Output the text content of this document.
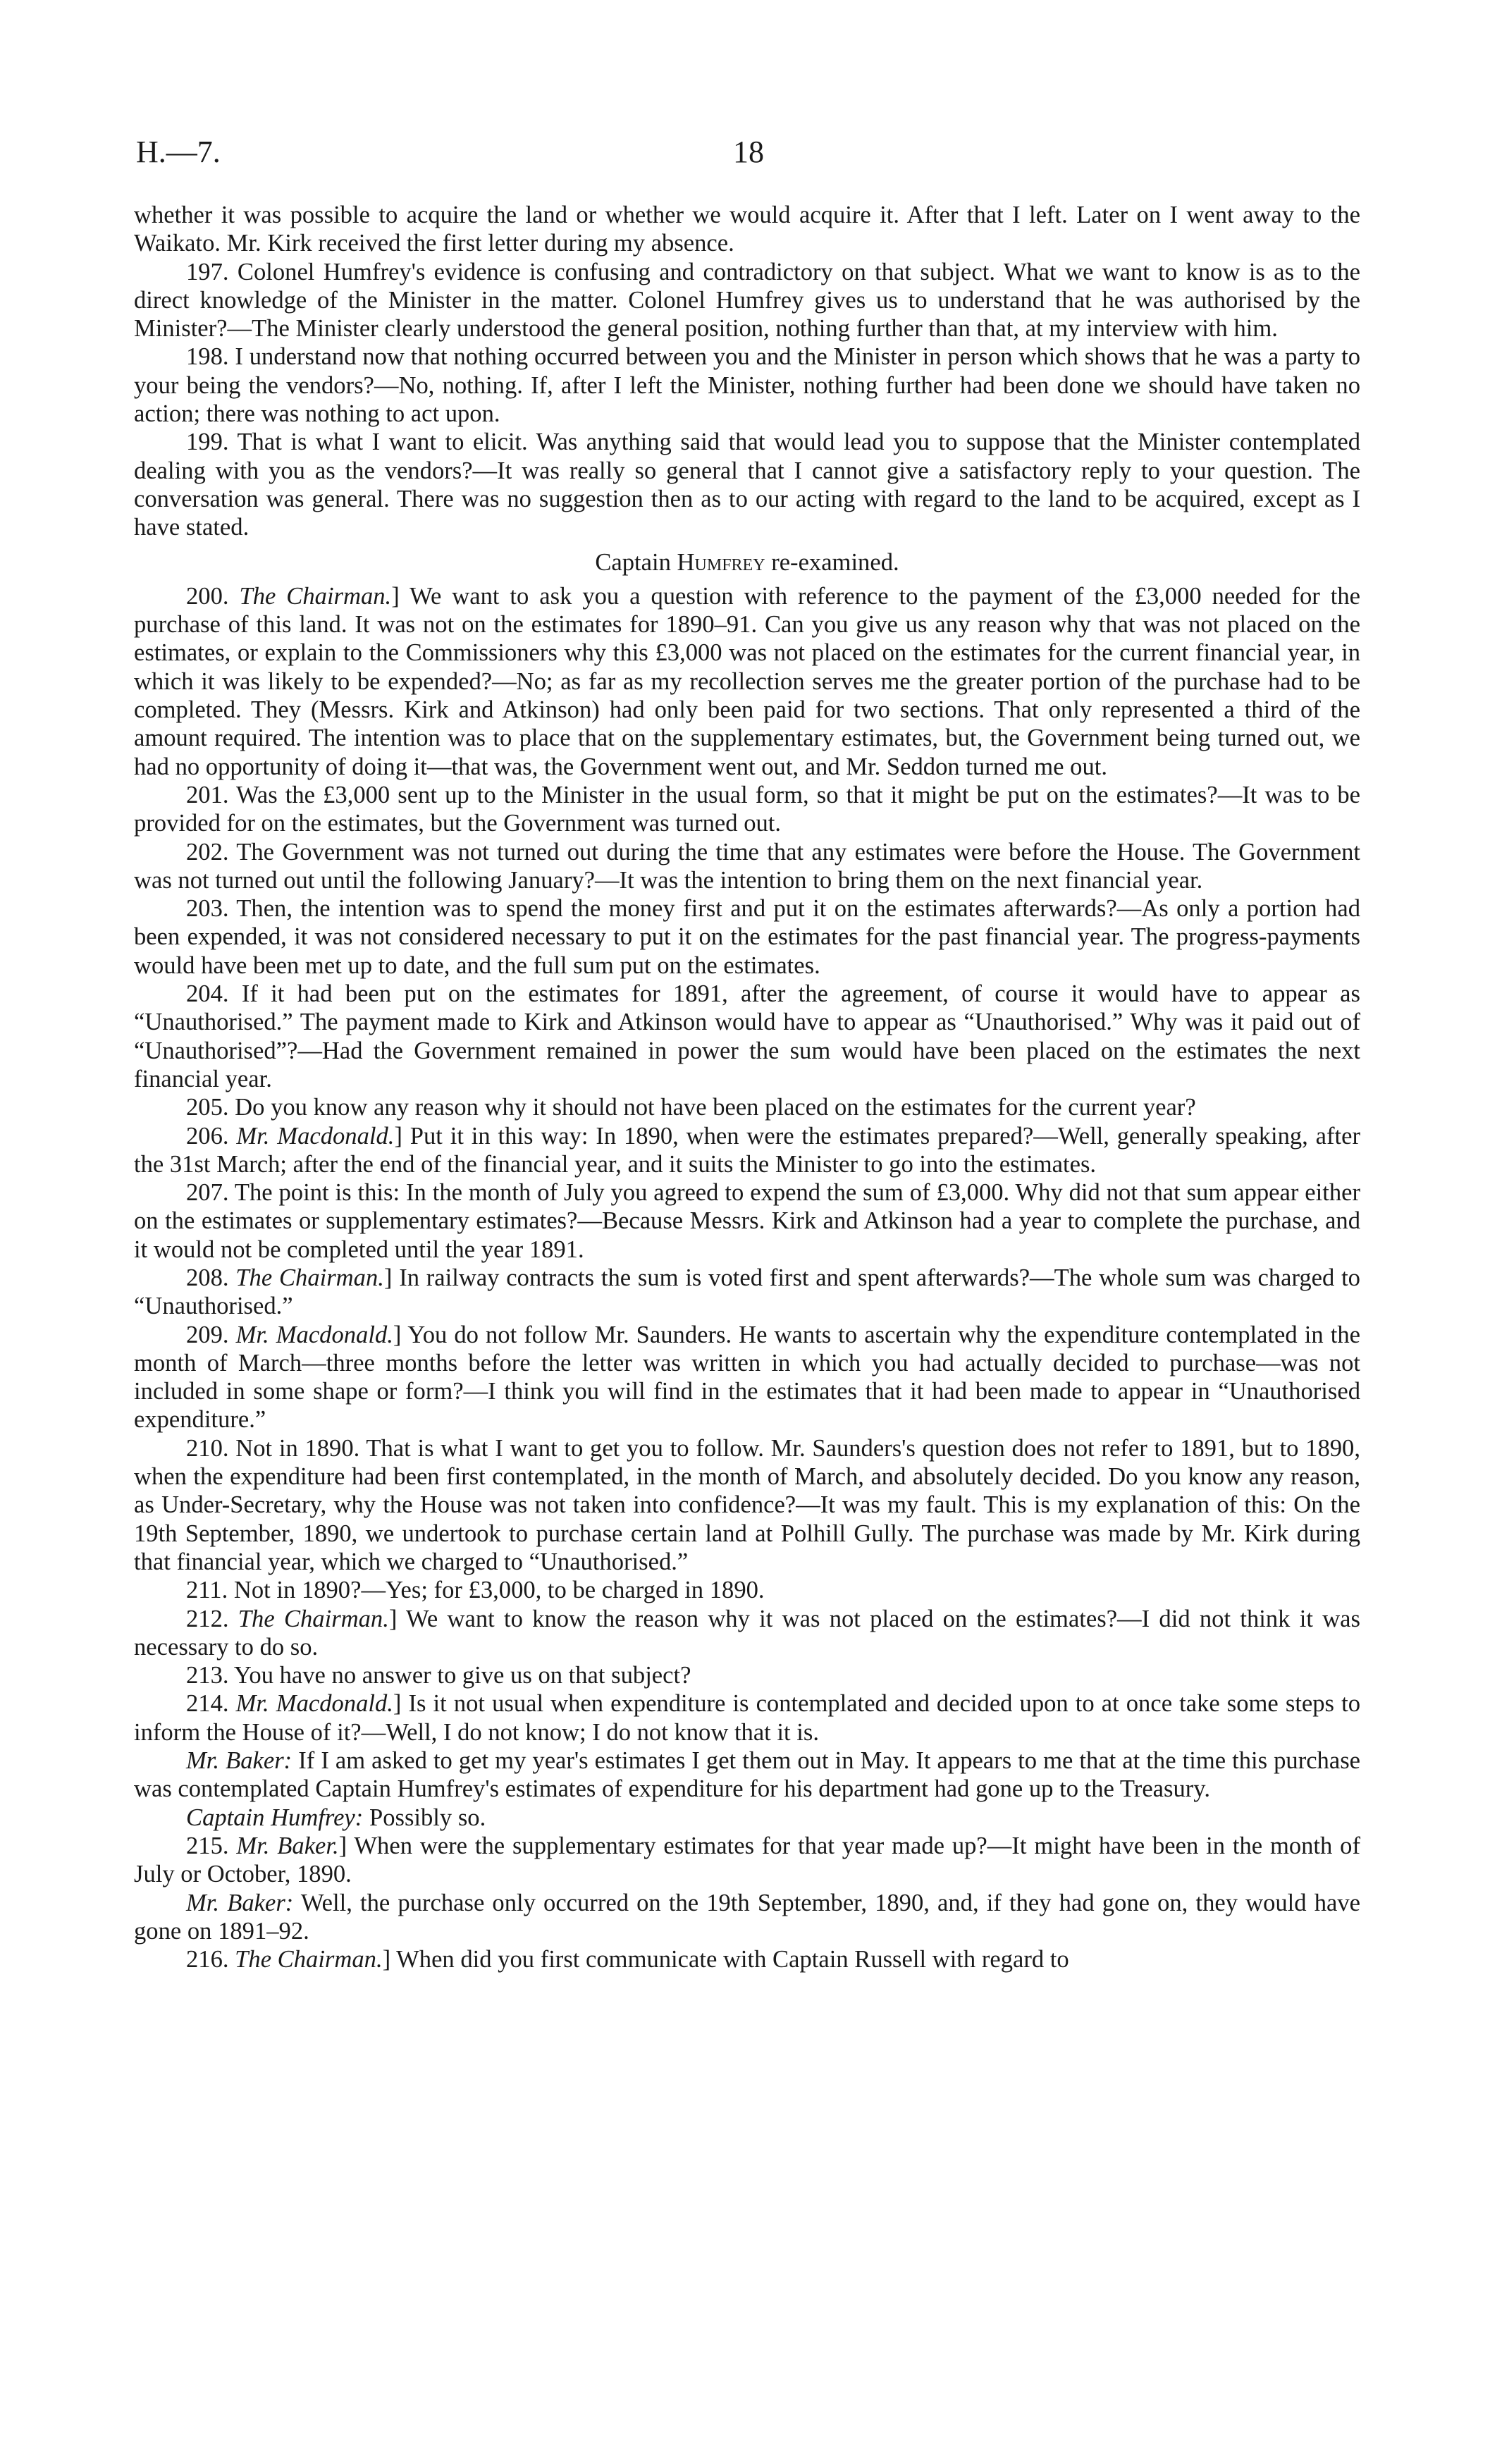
H.—7.	18

whether it was possible to acquire the land or whether we would acquire it. After that I left. Later on I went away to the Waikato. Mr. Kirk received the first letter during my absence.

197. Colonel Humfrey's evidence is confusing and contradictory on that subject. What we want to know is as to the direct knowledge of the Minister in the matter. Colonel Humfrey gives us to understand that he was authorised by the Minister?—The Minister clearly understood the general position, nothing further than that, at my interview with him.

198. I understand now that nothing occurred between you and the Minister in person which shows that he was a party to your being the vendors?—No, nothing. If, after I left the Minister, nothing further had been done we should have taken no action; there was nothing to act upon.

199. That is what I want to elicit. Was anything said that would lead you to suppose that the Minister contemplated dealing with you as the vendors?—It was really so general that I cannot give a satisfactory reply to your question. The conversation was general. There was no suggestion then as to our acting with regard to the land to be acquired, except as I have stated.

Captain Humfrey re-examined.

200. The Chairman.] We want to ask you a question with reference to the payment of the £3,000 needed for the purchase of this land. It was not on the estimates for 1890–91. Can you give us any reason why that was not placed on the estimates, or explain to the Commissioners why this £3,000 was not placed on the estimates for the current financial year, in which it was likely to be expended?—No; as far as my recollection serves me the greater portion of the purchase had to be completed. They (Messrs. Kirk and Atkinson) had only been paid for two sections. That only represented a third of the amount required. The intention was to place that on the supplementary estimates, but, the Government being turned out, we had no opportunity of doing it—that was, the Government went out, and Mr. Seddon turned me out.

201. Was the £3,000 sent up to the Minister in the usual form, so that it might be put on the estimates?—It was to be provided for on the estimates, but the Government was turned out.

202. The Government was not turned out during the time that any estimates were before the House. The Government was not turned out until the following January?—It was the intention to bring them on the next financial year.

203. Then, the intention was to spend the money first and put it on the estimates afterwards?—As only a portion had been expended, it was not considered necessary to put it on the estimates for the past financial year. The progress-payments would have been met up to date, and the full sum put on the estimates.

204. If it had been put on the estimates for 1891, after the agreement, of course it would have to appear as “Unauthorised.” The payment made to Kirk and Atkinson would have to appear as “Unauthorised.” Why was it paid out of “Unauthorised”?—Had the Government remained in power the sum would have been placed on the estimates the next financial year.

205. Do you know any reason why it should not have been placed on the estimates for the current year?

206. Mr. Macdonald.] Put it in this way: In 1890, when were the estimates prepared?—Well, generally speaking, after the 31st March; after the end of the financial year, and it suits the Minister to go into the estimates.

207. The point is this: In the month of July you agreed to expend the sum of £3,000. Why did not that sum appear either on the estimates or supplementary estimates?—Because Messrs. Kirk and Atkinson had a year to complete the purchase, and it would not be completed until the year 1891.

208. The Chairman.] In railway contracts the sum is voted first and spent afterwards?—The whole sum was charged to “Unauthorised.”

209. Mr. Macdonald.] You do not follow Mr. Saunders. He wants to ascertain why the expenditure contemplated in the month of March—three months before the letter was written in which you had actually decided to purchase—was not included in some shape or form?—I think you will find in the estimates that it had been made to appear in “Unauthorised expenditure.”

210. Not in 1890. That is what I want to get you to follow. Mr. Saunders's question does not refer to 1891, but to 1890, when the expenditure had been first contemplated, in the month of March, and absolutely decided. Do you know any reason, as Under-Secretary, why the House was not taken into confidence?—It was my fault. This is my explanation of this: On the 19th September, 1890, we undertook to purchase certain land at Polhill Gully. The purchase was made by Mr. Kirk during that financial year, which we charged to “Unauthorised.”

211. Not in 1890?—Yes; for £3,000, to be charged in 1890.

212. The Chairman.] We want to know the reason why it was not placed on the estimates?—I did not think it was necessary to do so.

213. You have no answer to give us on that subject?

214. Mr. Macdonald.] Is it not usual when expenditure is contemplated and decided upon to at once take some steps to inform the House of it?—Well, I do not know; I do not know that it is.

Mr. Baker: If I am asked to get my year's estimates I get them out in May. It appears to me that at the time this purchase was contemplated Captain Humfrey's estimates of expenditure for his department had gone up to the Treasury.

Captain Humfrey: Possibly so.

215. Mr. Baker.] When were the supplementary estimates for that year made up?—It might have been in the month of July or October, 1890.

Mr. Baker: Well, the purchase only occurred on the 19th September, 1890, and, if they had gone on, they would have gone on 1891–92.

216. The Chairman.] When did you first communicate with Captain Russell with regard to
